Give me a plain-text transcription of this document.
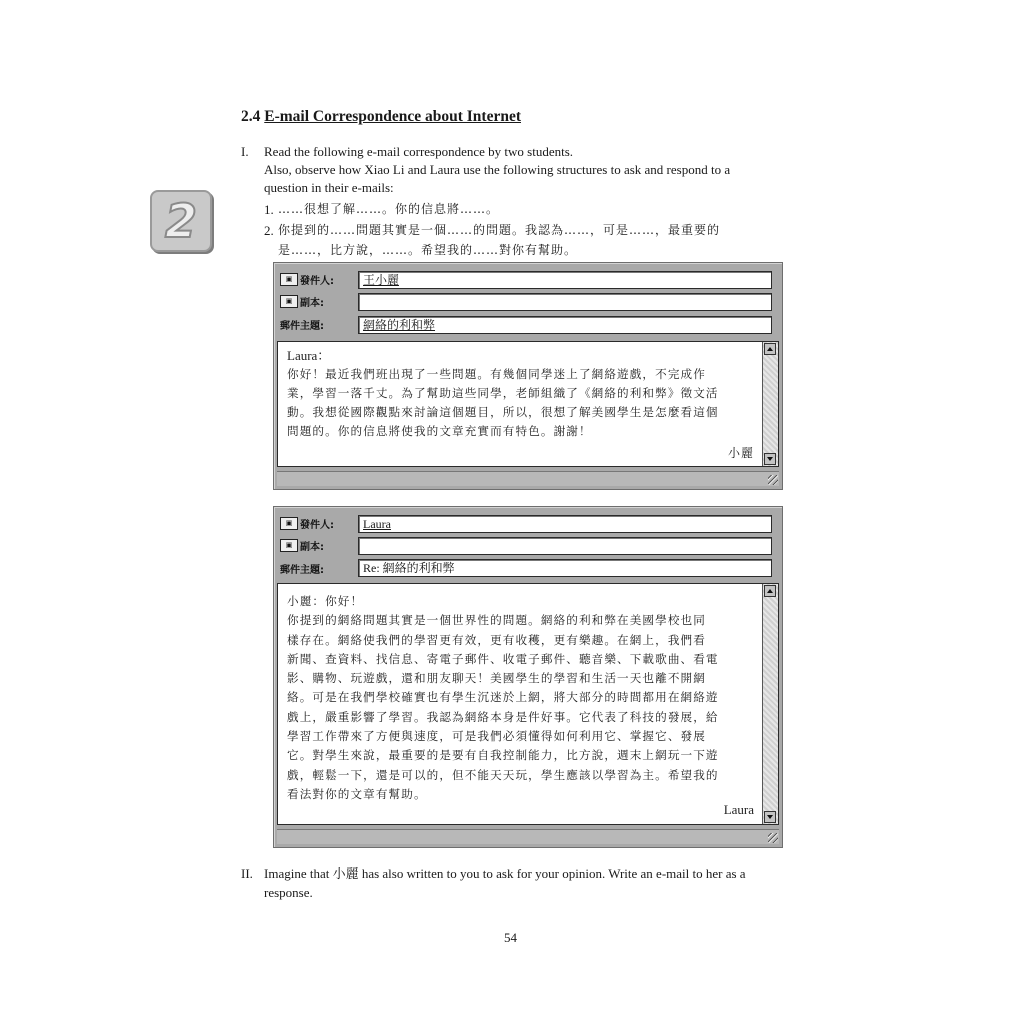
2.4 E-mail Correspondence about Internet
2
I. Read the following e-mail correspondence by two students.
Also, observe how Xiao Li and Laura use the following structures to ask and respond to a
question in their e-mails:
1. ……很想了解……。你的信息將……。
2. 你提到的……問題其實是一個……的問題。我認為……，可是……，最重要的
是……，比方說，……。希望我的……對你有幫助。
▣ 發件人:	王小麗
▣ 副本:
郵件主題:	網絡的利和弊
Laura：
你好！最近我們班出現了一些問題。有幾個同學迷上了網絡遊戲，不完成作
業，學習一落千丈。為了幫助這些同學，老師組織了《網絡的利和弊》徵文活
動。我想從國際觀點來討論這個題目，所以，很想了解美國學生是怎麼看這個
問題的。你的信息將使我的文章充實而有特色。謝謝！
小麗
▣ 發件人:	Laura
▣ 副本:
郵件主題:	Re: 網絡的利和弊
小麗：你好！
你提到的網絡問題其實是一個世界性的問題。網絡的利和弊在美國學校也同
樣存在。網絡使我們的學習更有效，更有收穫，更有樂趣。在網上，我們看
新聞、查資料、找信息、寄電子郵件、收電子郵件、聽音樂、下載歌曲、看電
影、購物、玩遊戲，還和朋友聊天！美國學生的學習和生活一天也離不開網
絡。可是在我們學校確實也有學生沉迷於上網，將大部分的時間都用在網絡遊
戲上，嚴重影響了學習。我認為網絡本身是件好事。它代表了科技的發展，給
學習工作帶來了方便與速度，可是我們必須懂得如何利用它、掌握它、發展
它。對學生來說，最重要的是要有自我控制能力，比方說，週末上網玩一下遊
戲，輕鬆一下，還是可以的，但不能天天玩，學生應該以學習為主。希望我的
看法對你的文章有幫助。
Laura
II. Imagine that 小麗 has also written to you to ask for your opinion. Write an e-mail to her as a
response.
54
